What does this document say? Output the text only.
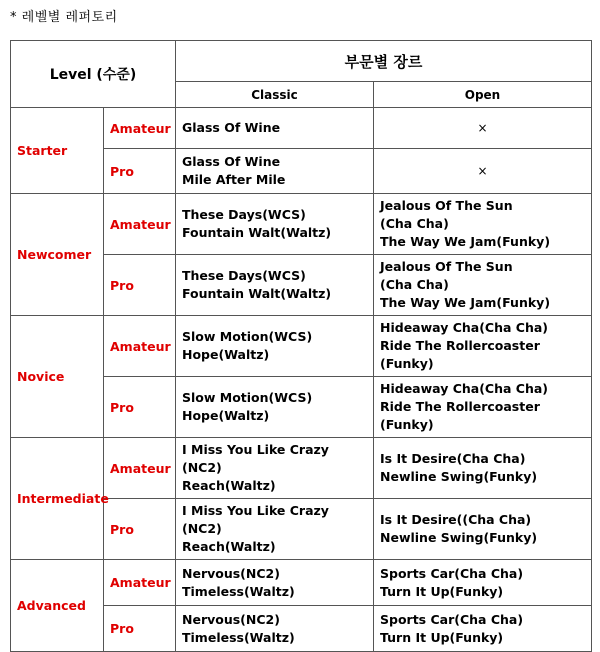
* 레벨별 레퍼토리
Level (수준)		부문별 장르	
		Classic	Open
Starter	Amateur	Glass Of Wine	×
	Pro	Glass Of Wine
Mile After Mile	×
Newcomer	Amateur	These Days(WCS)
Fountain Walt(Waltz)	Jealous Of The Sun
(Cha Cha)
The Way We Jam(Funky)

	Pro	These Days(WCS)
Fountain Walt(Waltz)	Jealous Of The Sun
(Cha Cha)
The Way We Jam(Funky)

Novice	Amateur	Slow Motion(WCS)
Hope(Waltz)	Hideaway Cha(Cha Cha)
Ride The Rollercoaster
(Funky)

	Pro	Slow Motion(WCS)
Hope(Waltz)	Hideaway Cha(Cha Cha)
Ride The Rollercoaster
(Funky)

Intermediate	Amateur	I Miss You Like Crazy
(NC2)
Reach(Waltz)	Is It Desire(Cha Cha)
Newline Swing(Funky)

	Pro	I Miss You Like Crazy
(NC2)
Reach(Waltz)	Is It Desire((Cha Cha)
Newline Swing(Funky)

Advanced	Amateur	Nervous(NC2)
Timeless(Waltz)	Sports Car(Cha Cha)
Turn It Up(Funky)

	Pro	Nervous(NC2)
Timeless(Waltz)	Sports Car(Cha Cha)
Turn It Up(Funky)
